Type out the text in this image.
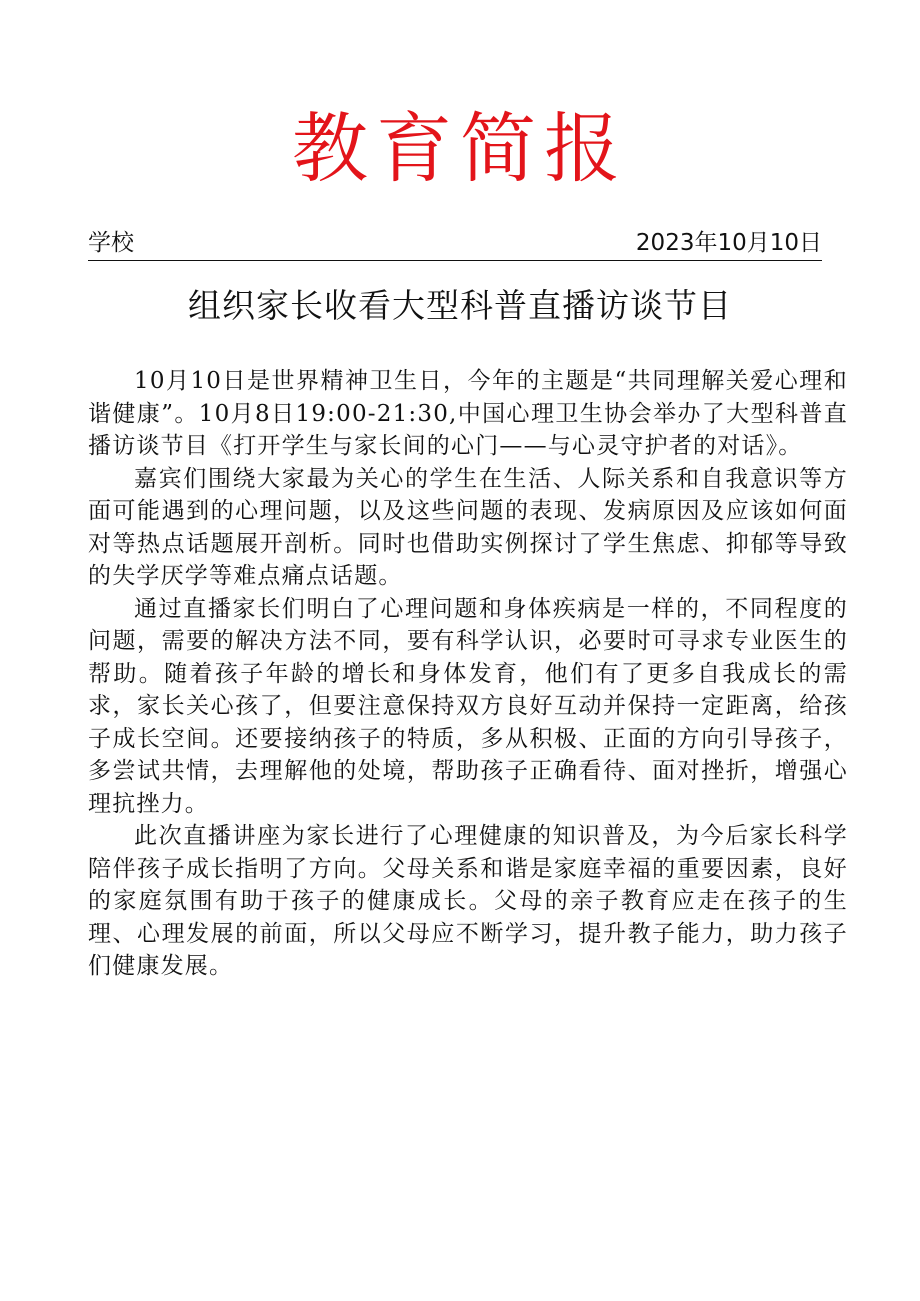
教育简报
学校	2023年10月10日
组织家长收看大型科普直播访谈节目

10月10日是世界精神卫生日，今年的主题是“共同理解关爱心理和谐健康”。10月8日19:00-21:30,中国心理卫生协会举办了大型科普直播访谈节目《打开学生与家长间的心门——与心灵守护者的对话》。

嘉宾们围绕大家最为关心的学生在生活、人际关系和自我意识等方面可能遇到的心理问题，以及这些问题的表现、发病原因及应该如何面对等热点话题展开剖析。同时也借助实例探讨了学生焦虑、抑郁等导致的失学厌学等难点痛点话题。

通过直播家长们明白了心理问题和身体疾病是一样的，不同程度的问题，需要的解决方法不同，要有科学认识，必要时可寻求专业医生的帮助。随着孩子年龄的增长和身体发育，他们有了更多自我成长的需求，家长关心孩了，但要注意保持双方良好互动并保持一定距离，给孩子成长空间。还要接纳孩子的特质，多从积极、正面的方向引导孩子，多尝试共情，去理解他的处境，帮助孩子正确看待、面对挫折，增强心理抗挫力。

此次直播讲座为家长进行了心理健康的知识普及，为今后家长科学陪伴孩子成长指明了方向。父母关系和谐是家庭幸福的重要因素，良好的家庭氛围有助于孩子的健康成长。父母的亲子教育应走在孩子的生理、心理发展的前面，所以父母应不断学习，提升教子能力，助力孩子们健康发展。
